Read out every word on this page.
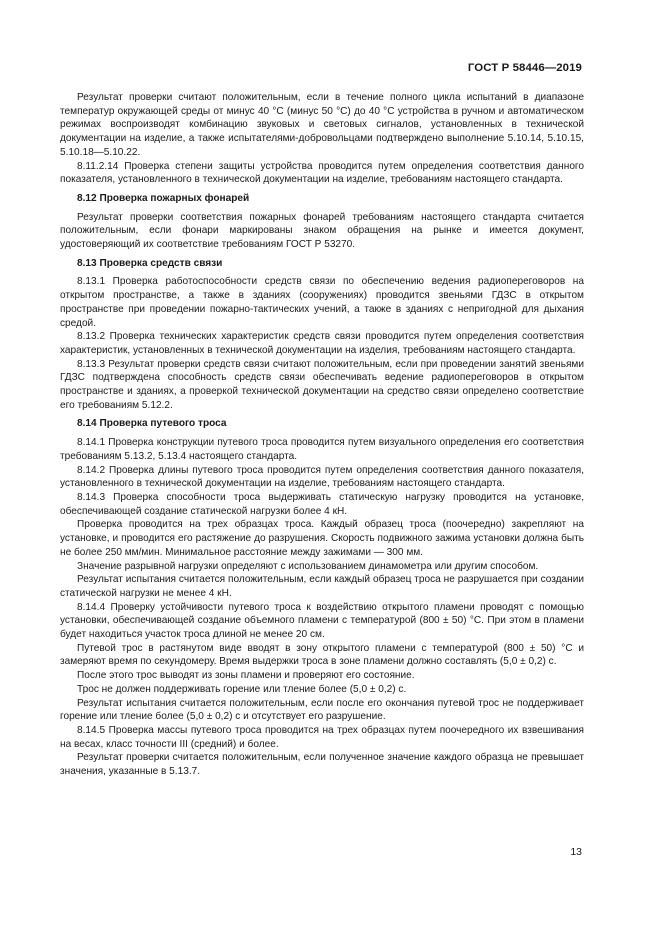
ГОСТ Р 58446—2019

Результат проверки считают положительным, если в течение полного цикла испытаний в диапазоне температур окружающей среды от минус 40 °С (минус 50 °С) до 40 °С устройства в ручном и автоматическом режимах воспроизводят комбинацию звуковых и световых сигналов, установленных в технической документации на изделие, а также испытателями-добровольцами подтверждено выполнение 5.10.14, 5.10.15, 5.10.18—5.10.22.

8.11.2.14 Проверка степени защиты устройства проводится путем определения соответствия данного показателя, установленного в технической документации на изделие, требованиям настоящего стандарта.

8.12 Проверка пожарных фонарей

Результат проверки соответствия пожарных фонарей требованиям настоящего стандарта считается положительным, если фонари маркированы знаком обращения на рынке и имеется документ, удостоверяющий их соответствие требованиям ГОСТ Р 53270.

8.13 Проверка средств связи

8.13.1 Проверка работоспособности средств связи по обеспечению ведения радиопереговоров на открытом пространстве, а также в зданиях (сооружениях) проводится звеньями ГДЗС в открытом пространстве при проведении пожарно-тактических учений, а также в зданиях с непригодной для дыхания средой.

8.13.2 Проверка технических характеристик средств связи проводится путем определения соответствия характеристик, установленных в технической документации на изделия, требованиям настоящего стандарта.

8.13.3 Результат проверки средств связи считают положительным, если при проведении занятий звеньями ГДЗС подтверждена способность средств связи обеспечивать ведение радиопереговоров в открытом пространстве и зданиях, а проверкой технической документации на средство связи определено соответствие его требованиям 5.12.2.

8.14 Проверка путевого троса

8.14.1 Проверка конструкции путевого троса проводится путем визуального определения его соответствия требованиям 5.13.2, 5.13.4 настоящего стандарта.

8.14.2 Проверка длины путевого троса проводится путем определения соответствия данного показателя, установленного в технической документации на изделие, требованиям настоящего стандарта.

8.14.3 Проверка способности троса выдерживать статическую нагрузку проводится на установке, обеспечивающей создание статической нагрузки более 4 кН.

Проверка проводится на трех образцах троса. Каждый образец троса (поочередно) закрепляют на установке, и проводится его растяжение до разрушения. Скорость подвижного зажима установки должна быть не более 250 мм/мин. Минимальное расстояние между зажимами — 300 мм.

Значение разрывной нагрузки определяют с использованием динамометра или другим способом.

Результат испытания считается положительным, если каждый образец троса не разрушается при создании статической нагрузки не менее 4 кН.

8.14.4 Проверку устойчивости путевого троса к воздействию открытого пламени проводят с помощью установки, обеспечивающей создание объемного пламени с температурой (800 ± 50) °С. При этом в пламени будет находиться участок троса длиной не менее 20 см.

Путевой трос в растянутом виде вводят в зону открытого пламени с температурой (800 ± 50) °С и замеряют время по секундомеру. Время выдержки троса в зоне пламени должно составлять (5,0 ± 0,2) с.

После этого трос выводят из зоны пламени и проверяют его состояние.

Трос не должен поддерживать горение или тление более (5,0 ± 0,2) с.

Результат испытания считается положительным, если после его окончания путевой трос не поддерживает горение или тление более (5,0 ± 0,2) с и отсутствует его разрушение.

8.14.5 Проверка массы путевого троса проводится на трех образцах путем поочередного их взвешивания на весах, класс точности III (средний) и более.

Результат проверки считается положительным, если полученное значение каждого образца не превышает значения, указанные в 5.13.7.

13
